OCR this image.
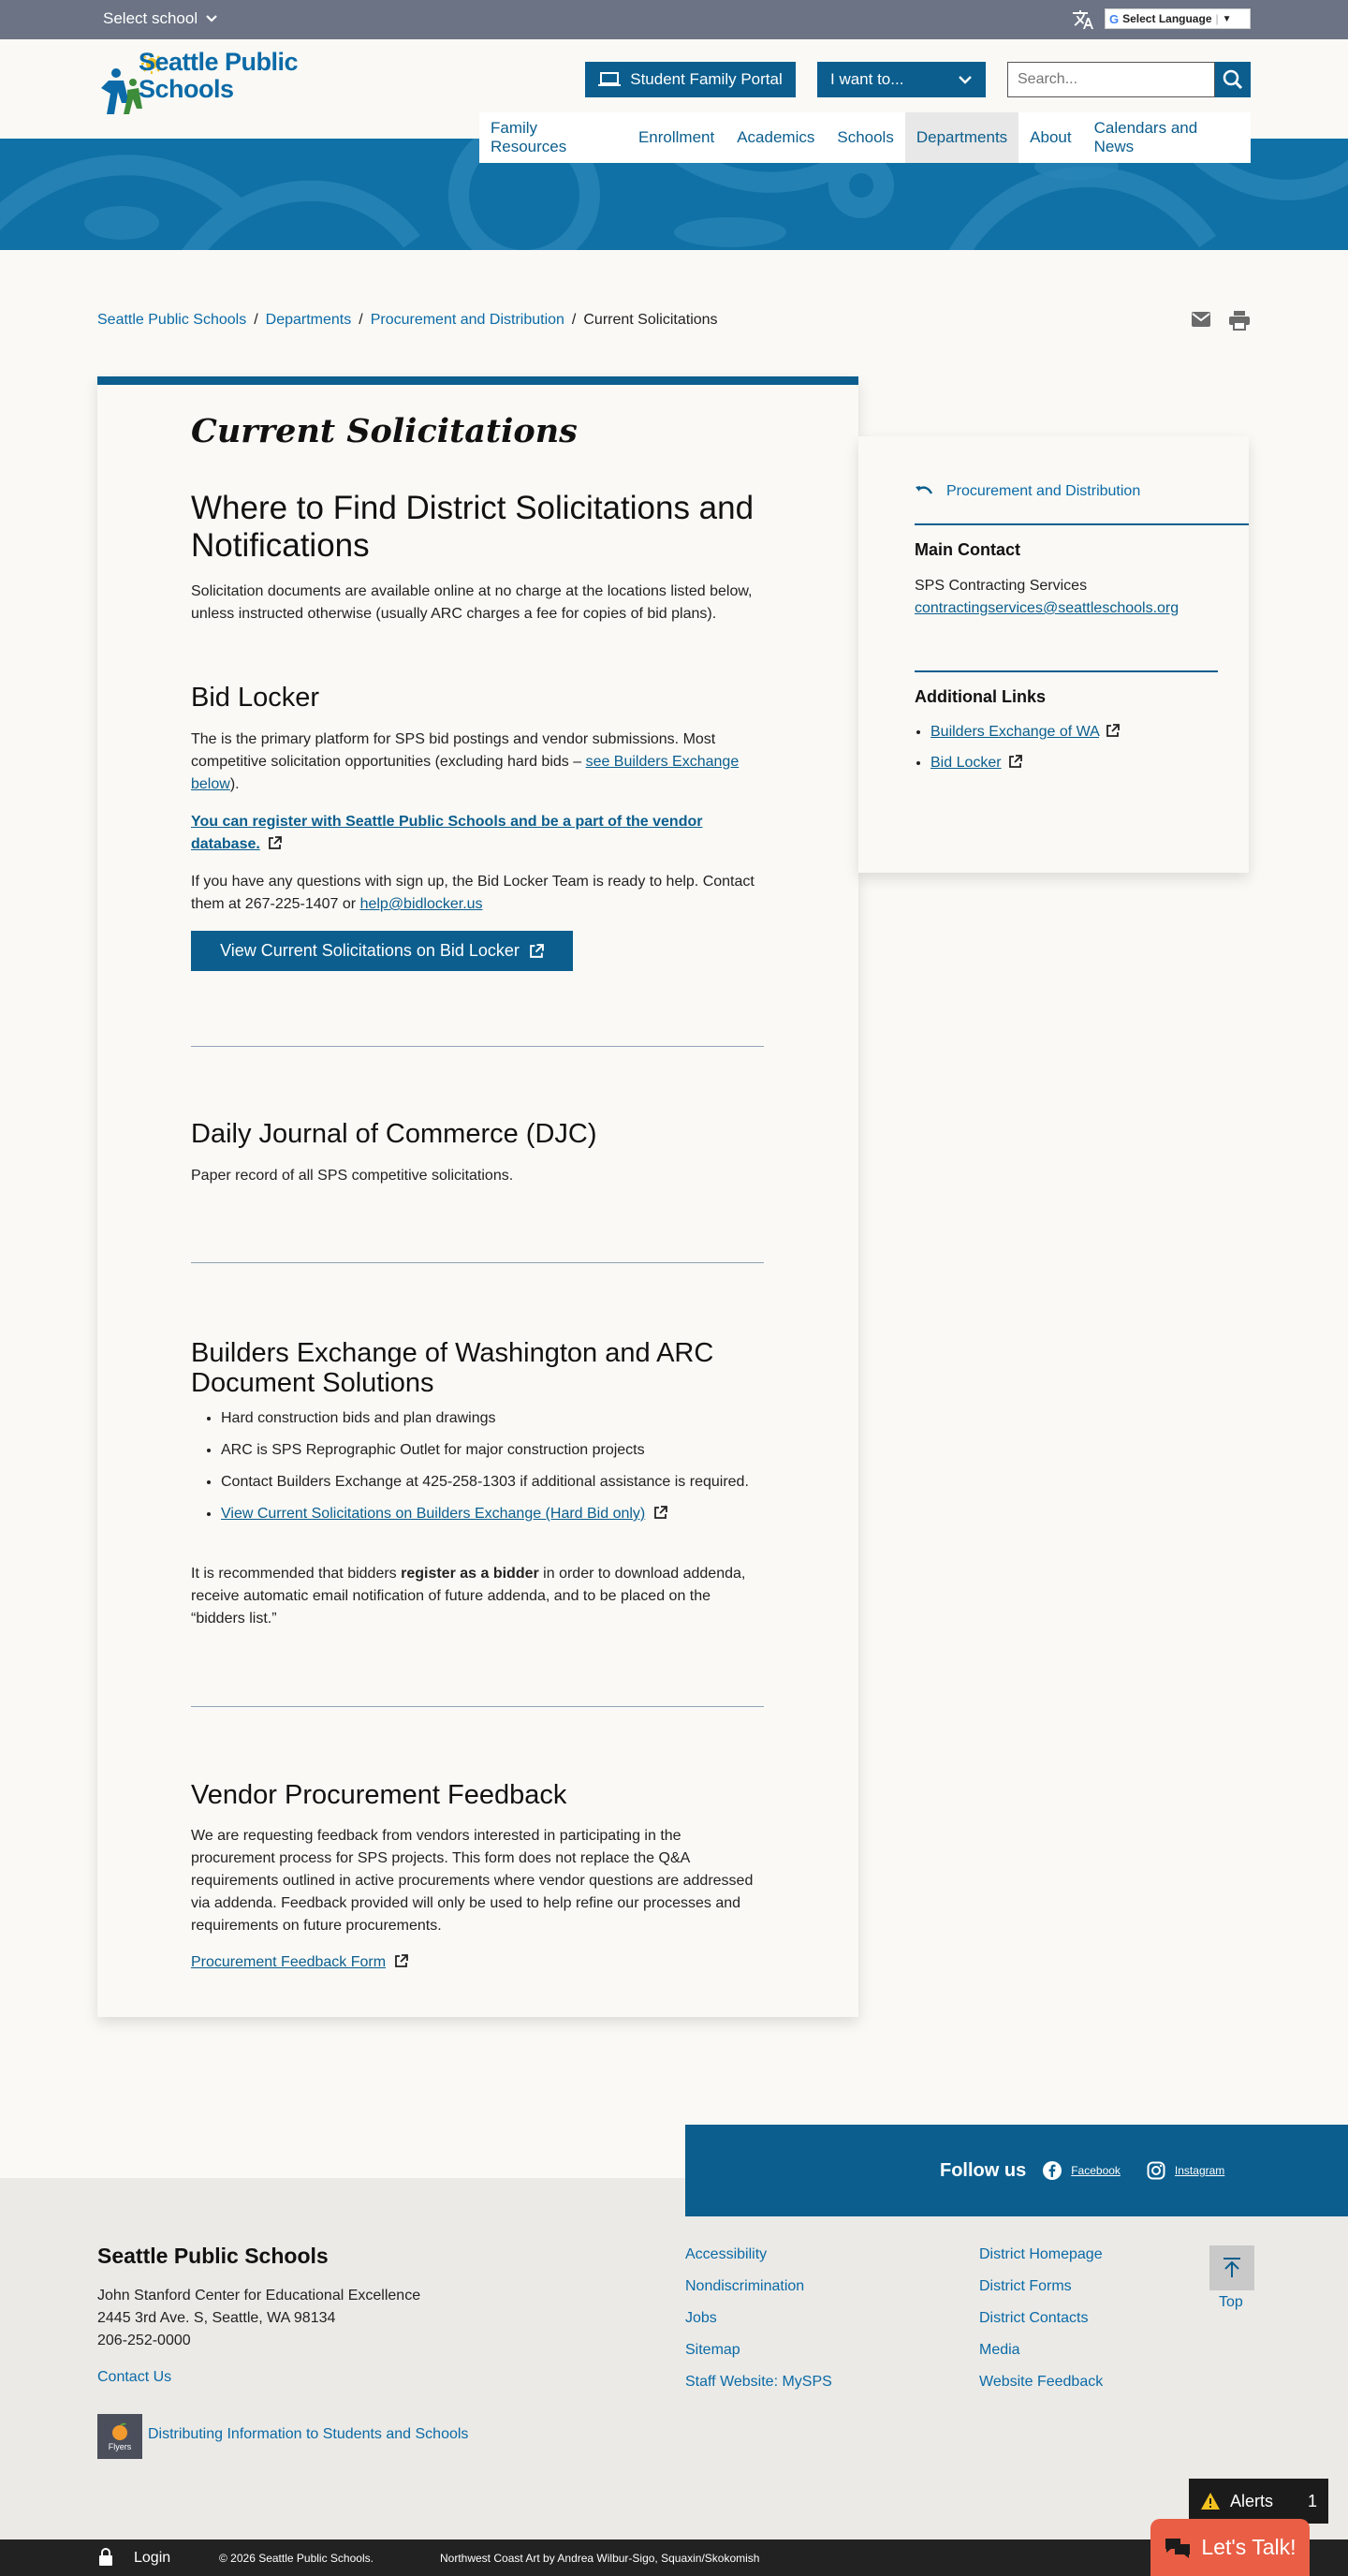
Select school	G Select Language | ▼
Seattle Public
Schools	Student Family Portal	I want to...
Search...
Family Resources
Enrollment	Academics	Schools	Departments	About
Calendars and News
Seattle Public Schools / Departments / Procurement and Distribution / Current Solicitations
Current Solicitations
Where to Find District Solicitations and Notifications

Solicitation documents are available online at no charge at the locations listed below, unless instructed otherwise (usually ARC charges a fee for copies of bid plans).

Bid Locker

The is the primary platform for SPS bid postings and vendor submissions. Most competitive solicitation opportunities (excluding hard bids – see Builders Exchange below).

You can register with Seattle Public Schools and be a part of the vendor database.

If you have any questions with sign up, the Bid Locker Team is ready to help. Contact them at 267-225-1407 or help@bidlocker.us

View Current Solicitations on Bid Locker
Daily Journal of Commerce (DJC)

Paper record of all SPS competitive solicitations.

Builders Exchange of Washington and ARC Document Solutions
• Hard construction bids and plan drawings
• ARC is SPS Reprographic Outlet for major construction projects
• Contact Builders Exchange at 425-258-1303 if additional assistance is required.
• View Current Solicitations on Builders Exchange (Hard Bid only)

It is recommended that bidders register as a bidder in order to download addenda, receive automatic email notification of future addenda, and to be placed on the “bidders list.”

Vendor Procurement Feedback

We are requesting feedback from vendors interested in participating in the procurement process for SPS projects. This form does not replace the Q&A requirements outlined in active procurements where vendor questions are addressed via addenda. Feedback provided will only be used to help refine our processes and requirements on future procurements.

Procurement Feedback Form

Procurement and Distribution
Main Contact
SPS Contracting Services
contractingservices@seattleschools.org
Additional Links
• Builders Exchange of WA
• Bid Locker
Follow us	Facebook	Instagram
Seattle Public Schools
John Stanford Center for Educational Excellence
2445 3rd Ave. S, Seattle, WA 98134
206-252-0000
Contact Us
Flyers
Distributing Information to Students and Schools
Accessibility
Nondiscrimination
Jobs
Sitemap
Staff Website: MySPS
District Homepage
District Forms
District Contacts
Media
Website Feedback
Top
Login	© 2026 Seattle Public Schools.	Northwest Coast Art by Andrea Wilbur-Sigo, Squaxin/Skokomish
Alerts 1
Let's Talk!
